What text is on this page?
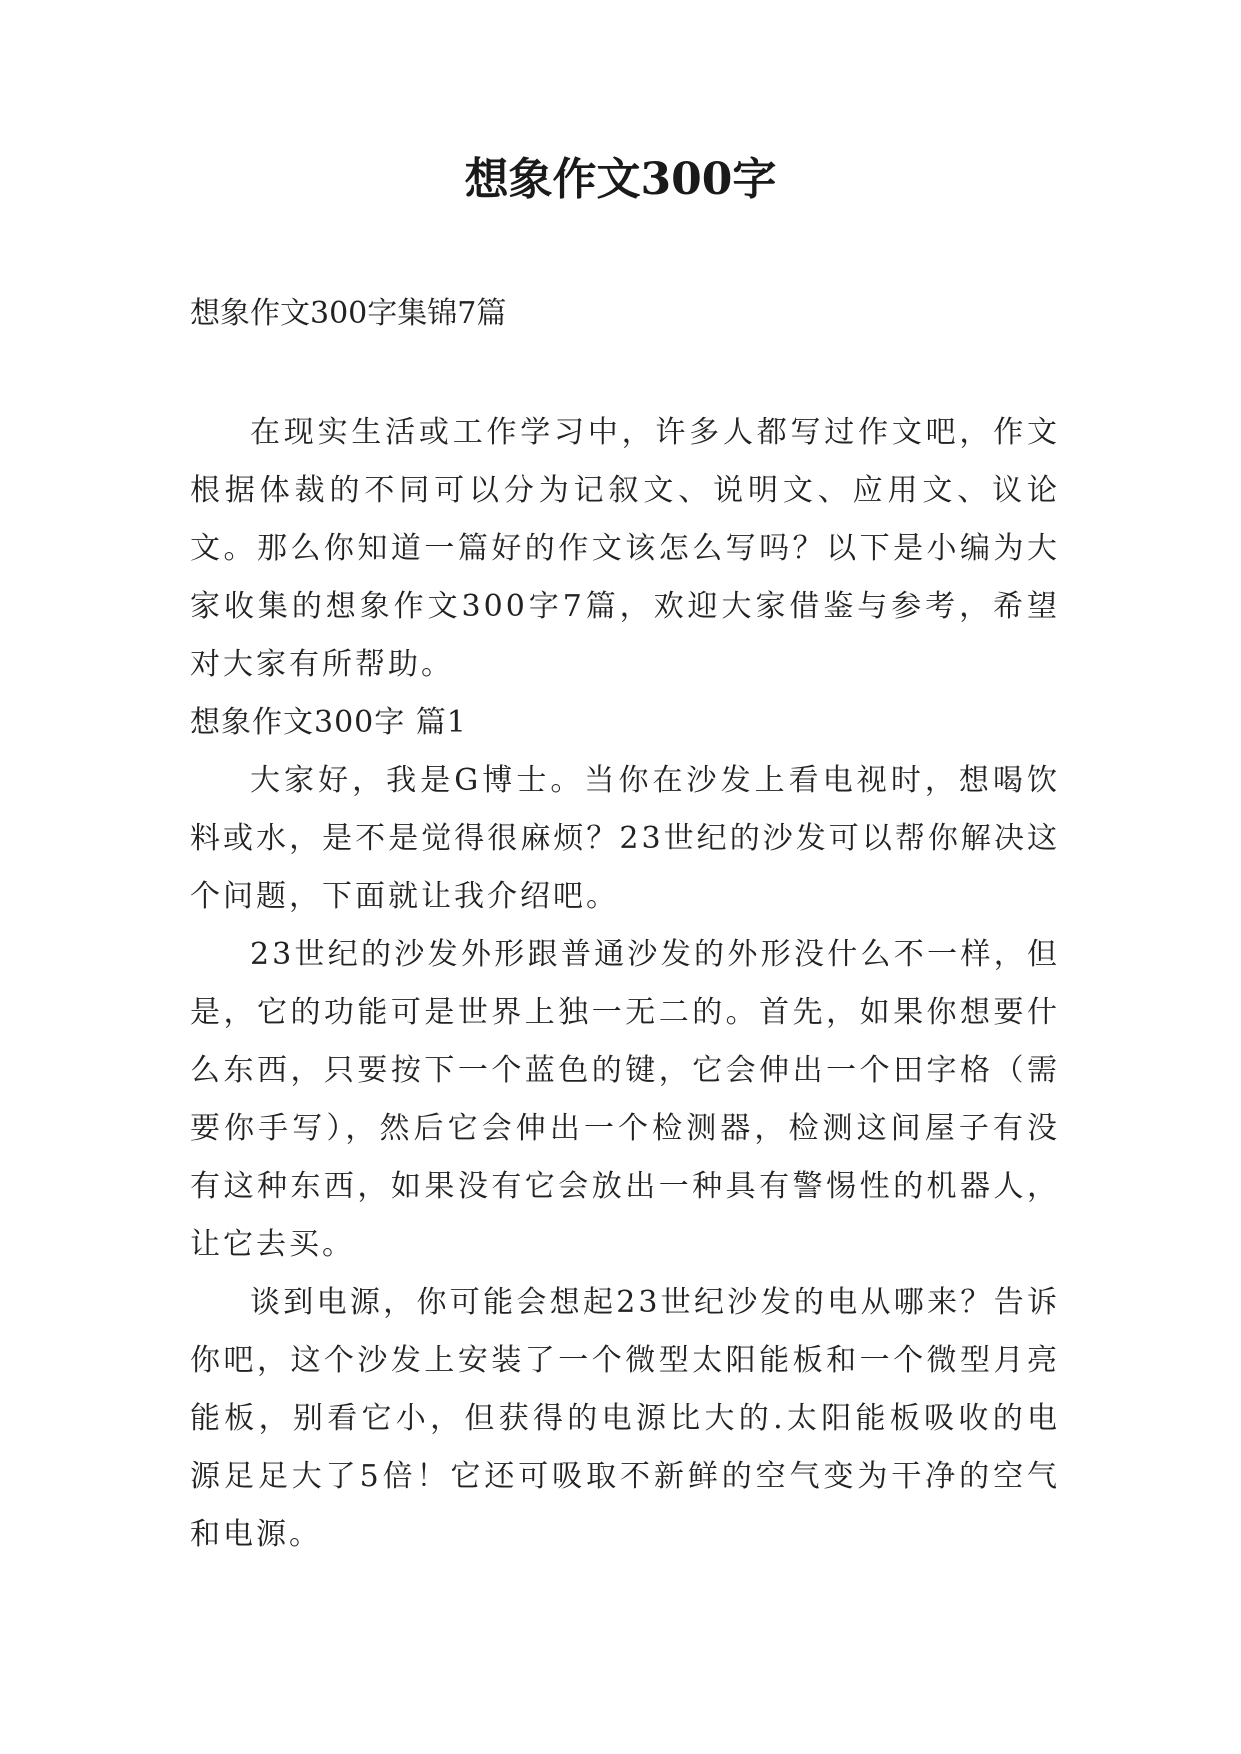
想象作文300字

想象作文300字集锦7篇

在现实生活或工作学习中，许多人都写过作文吧，作文根据体裁的不同可以分为记叙文、说明文、应用文、议论文。那么你知道一篇好的作文该怎么写吗？以下是小编为大家收集的想象作文300字7篇，欢迎大家借鉴与参考，希望对大家有所帮助。

想象作文300字 篇1

大家好，我是G博士。当你在沙发上看电视时，想喝饮料或水，是不是觉得很麻烦？23世纪的沙发可以帮你解决这个问题，下面就让我介绍吧。

23世纪的沙发外形跟普通沙发的外形没什么不一样，但是，它的功能可是世界上独一无二的。首先，如果你想要什么东西，只要按下一个蓝色的键，它会伸出一个田字格（需要你手写），然后它会伸出一个检测器，检测这间屋子有没有这种东西，如果没有它会放出一种具有警惕性的机器人，让它去买。

谈到电源，你可能会想起23世纪沙发的电从哪来？告诉你吧，这个沙发上安装了一个微型太阳能板和一个微型月亮能板，别看它小，但获得的电源比大的.太阳能板吸收的电源足足大了5倍！它还可吸取不新鲜的空气变为干净的空气和电源。
